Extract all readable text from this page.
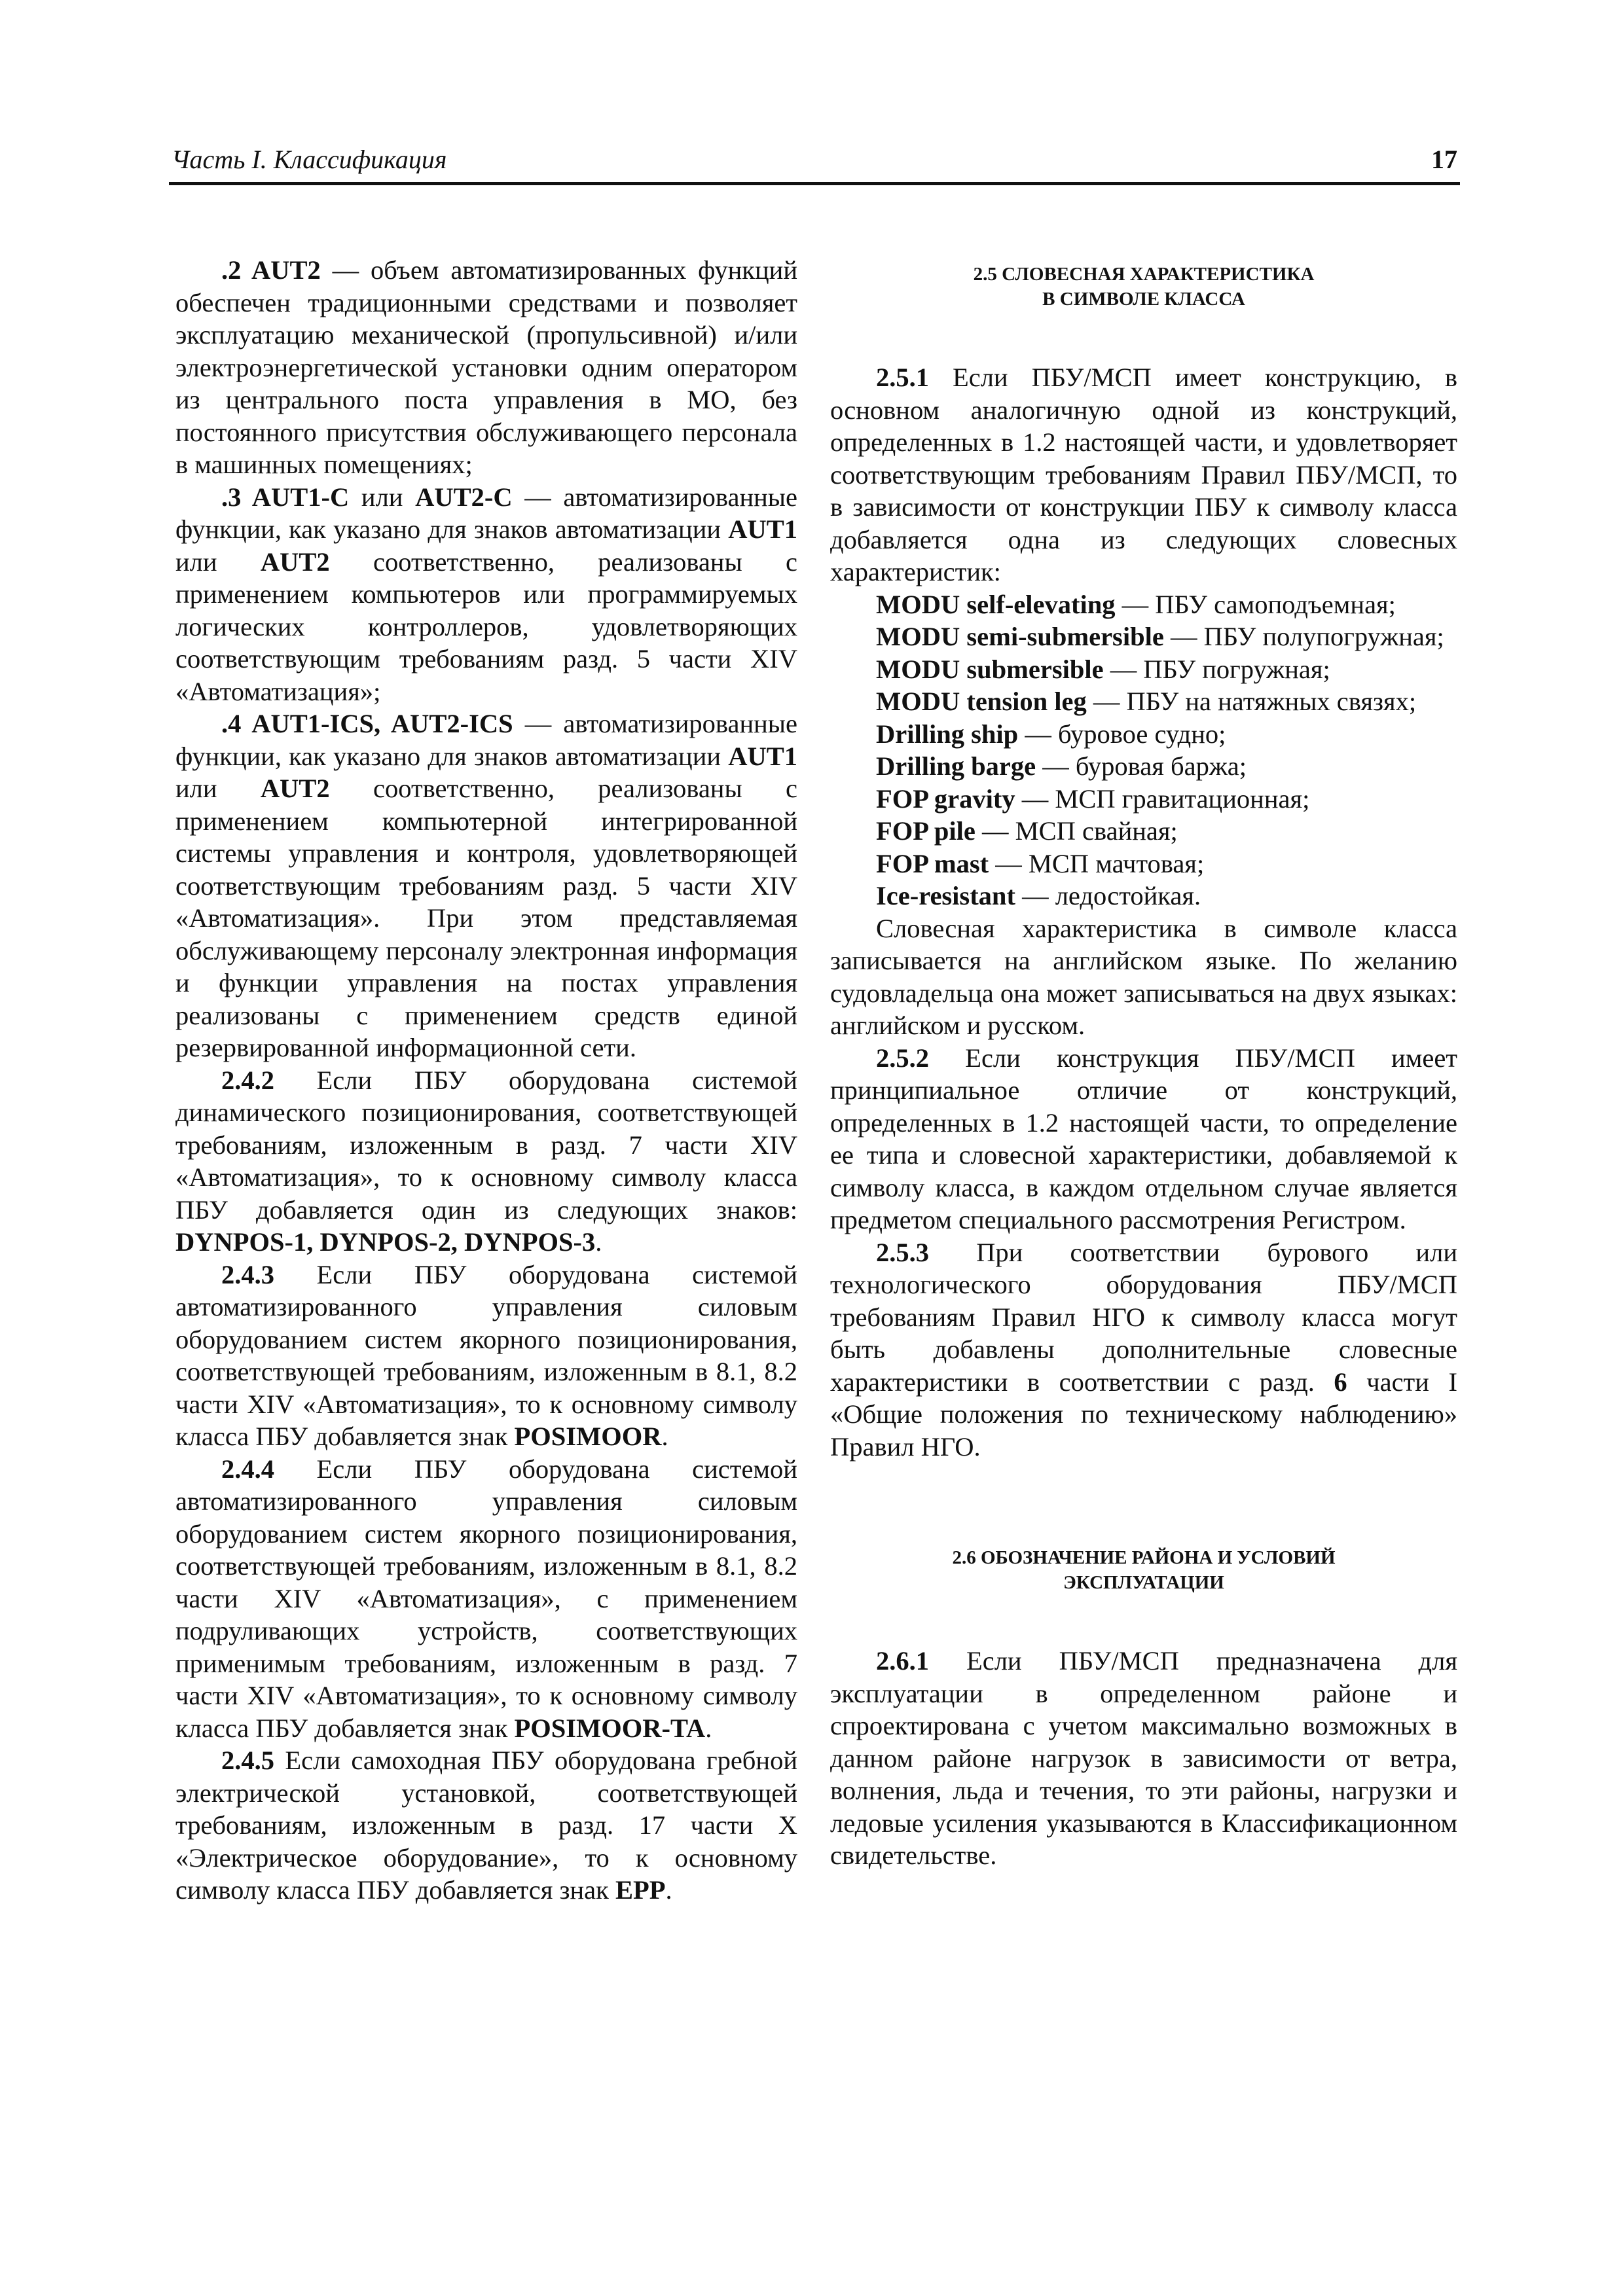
Часть I. Классификация	17

.2 AUT2 — объем автоматизированных функций обеспечен традиционными средствами и позволяет эксплуатацию механической (пропульсивной) и/или электроэнергетической установки одним оператором из центрального поста управления в МО, без постоянного присутствия обслуживающего персонала в машинных помещениях;

.3 AUT1-C или AUT2-C — автоматизированные функции, как указано для знаков автоматизации AUT1 или AUT2 соответственно, реализованы с применением компьютеров или программируемых логических контроллеров, удовлетворяющих соответствующим требованиям разд. 5 части XIV «Автоматизация»;

.4 AUT1-ICS, AUT2-ICS — автоматизированные функции, как указано для знаков автоматизации AUT1 или AUT2 соответственно, реализованы с применением компьютерной интегрированной системы управления и контроля, удовлетворяющей соответствующим требованиям разд. 5 части XIV «Автоматизация». При этом представляемая обслуживающему персоналу электронная информация и функции управления на постах управления реализованы с применением средств единой резервированной информационной сети.

2.4.2 Если ПБУ оборудована системой динамического позиционирования, соответствующей требованиям, изложенным в разд. 7 части XIV «Автоматизация», то к основному символу класса ПБУ добавляется один из следующих знаков: DYNPOS-1, DYNPOS-2, DYNPOS-3.

2.4.3 Если ПБУ оборудована системой автоматизированного управления силовым оборудованием систем якорного позиционирования, соответствующей требованиям, изложенным в 8.1, 8.2 части XIV «Автоматизация», то к основному символу класса ПБУ добавляется знак POSIMOOR.

2.4.4 Если ПБУ оборудована системой автоматизированного управления силовым оборудованием систем якорного позиционирования, соответствующей требованиям, изложенным в 8.1, 8.2 части XIV «Автоматизация», с применением подруливающих устройств, соответствующих применимым требованиям, изложенным в разд. 7 части XIV «Автоматизация», то к основному символу класса ПБУ добавляется знак POSIMOOR-TA.

2.4.5 Если самоходная ПБУ оборудована гребной электрической установкой, соответствующей требованиям, изложенным в разд. 17 части X «Электрическое оборудование», то к основному символу класса ПБУ добавляется знак EPP.

2.5 СЛОВЕСНАЯ ХАРАКТЕРИСТИКА
В СИМВОЛЕ КЛАССА

2.5.1 Если ПБУ/МСП имеет конструкцию, в основном аналогичную одной из конструкций, определенных в 1.2 настоящей части, и удовлетворяет соответствующим требованиям Правил ПБУ/МСП, то в зависимости от конструкции ПБУ к символу класса добавляется одна из следующих словесных характеристик:

MODU self-elevating — ПБУ самоподъемная;
MODU semi-submersible — ПБУ полупогружная;
MODU submersible — ПБУ погружная;
MODU tension leg — ПБУ на натяжных связях;
Drilling ship — буровое судно;
Drilling barge — буровая баржа;
FOP gravity — МСП гравитационная;
FOP pile — МСП свайная;
FOP mast — МСП мачтовая;
Ice-resistant — ледостойкая.

Словесная характеристика в символе класса записывается на английском языке. По желанию судовладельца она может записываться на двух языках: английском и русском.

2.5.2 Если конструкция ПБУ/МСП имеет принципиальное отличие от конструкций, определенных в 1.2 настоящей части, то определение ее типа и словесной характеристики, добавляемой к символу класса, в каждом отдельном случае является предметом специального рассмотрения Регистром.

2.5.3 При соответствии бурового или технологического оборудования ПБУ/МСП требованиям Правил НГО к символу класса могут быть добавлены дополнительные словесные характеристики в соответствии с разд. 6 части I «Общие положения по техническому наблюдению» Правил НГО.

2.6 ОБОЗНАЧЕНИЕ РАЙОНА И УСЛОВИЙ
ЭКСПЛУАТАЦИИ

2.6.1 Если ПБУ/МСП предназначена для эксплуатации в определенном районе и спроектирована с учетом максимально возможных в данном районе нагрузок в зависимости от ветра, волнения, льда и течения, то эти районы, нагрузки и ледовые усиления указываются в Классификационном свидетельстве.
